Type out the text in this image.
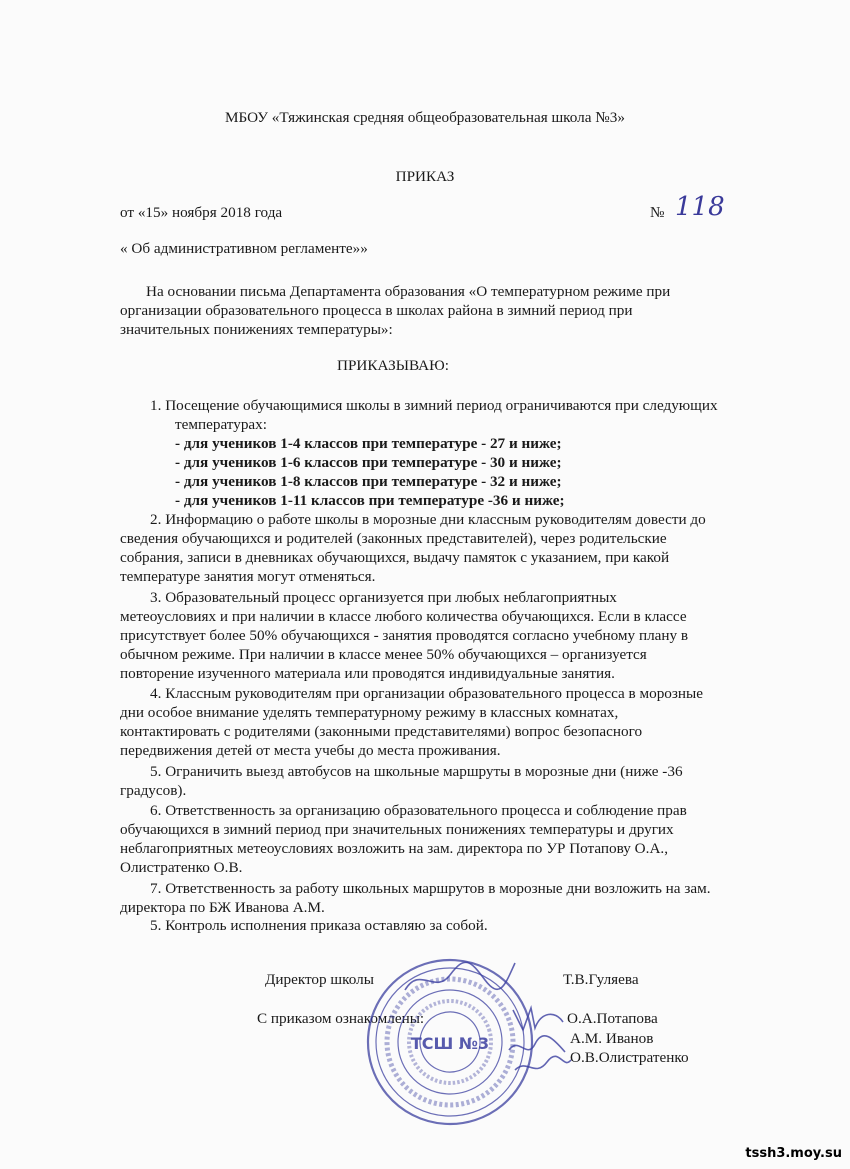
МБОУ «Тяжинская средняя общеобразовательная школа №3»
ПРИКАЗ
от «15» ноября 2018 года	№ 118
« Об административном регламенте»»
На основании письма Департамента образования «О температурном режиме при
организации образовательного процесса в школах района в зимний период при
значительных понижениях температуры»:
ПРИКАЗЫВАЮ:
1. Посещение обучающимися школы в зимний период ограничиваются при следующих
температурах:
- для учеников 1-4 классов при температуре - 27 и ниже;
- для учеников 1-6 классов при температуре - 30 и ниже;
- для учеников 1-8 классов при температуре - 32 и ниже;
- для учеников 1-11 классов при температуре -36 и ниже;
2. Информацию о работе школы в морозные дни классным руководителям довести до
сведения обучающихся и родителей (законных представителей), через родительские
собрания, записи в дневниках обучающихся, выдачу памяток с указанием, при какой
температуре занятия могут отменяться.
3. Образовательный процесс организуется при любых неблагоприятных
метеоусловиях и при наличии в классе любого количества обучающихся. Если в классе
присутствует более 50% обучающихся - занятия проводятся согласно учебному плану в
обычном режиме. При наличии в классе менее 50% обучающихся – организуется
повторение изученного материала или проводятся индивидуальные занятия.
4. Классным руководителям при организации образовательного процесса в морозные
дни особое внимание уделять температурному режиму в классных комнатах,
контактировать с родителями (законными представителями) вопрос безопасного
передвижения детей от места учебы до места проживания.
5. Ограничить выезд автобусов на школьные маршруты в морозные дни (ниже -36
градусов).
6. Ответственность за организацию образовательного процесса и соблюдение прав
обучающихся в зимний период при значительных понижениях температуры и других
неблагоприятных метеоусловиях возложить на зам. директора по УР Потапову О.А.,
Олистратенко О.В.
7. Ответственность за работу школьных маршрутов в морозные дни возложить на зам.
директора по БЖ Иванова А.М.
5. Контроль исполнения приказа оставляю за собой.
Директор школы	Т.В.Гуляева
С приказом ознакомлены:	О.А.Потапова
А.М. Иванов
О.В.Олистратенко
ТСШ №3
tssh3.moy.su
